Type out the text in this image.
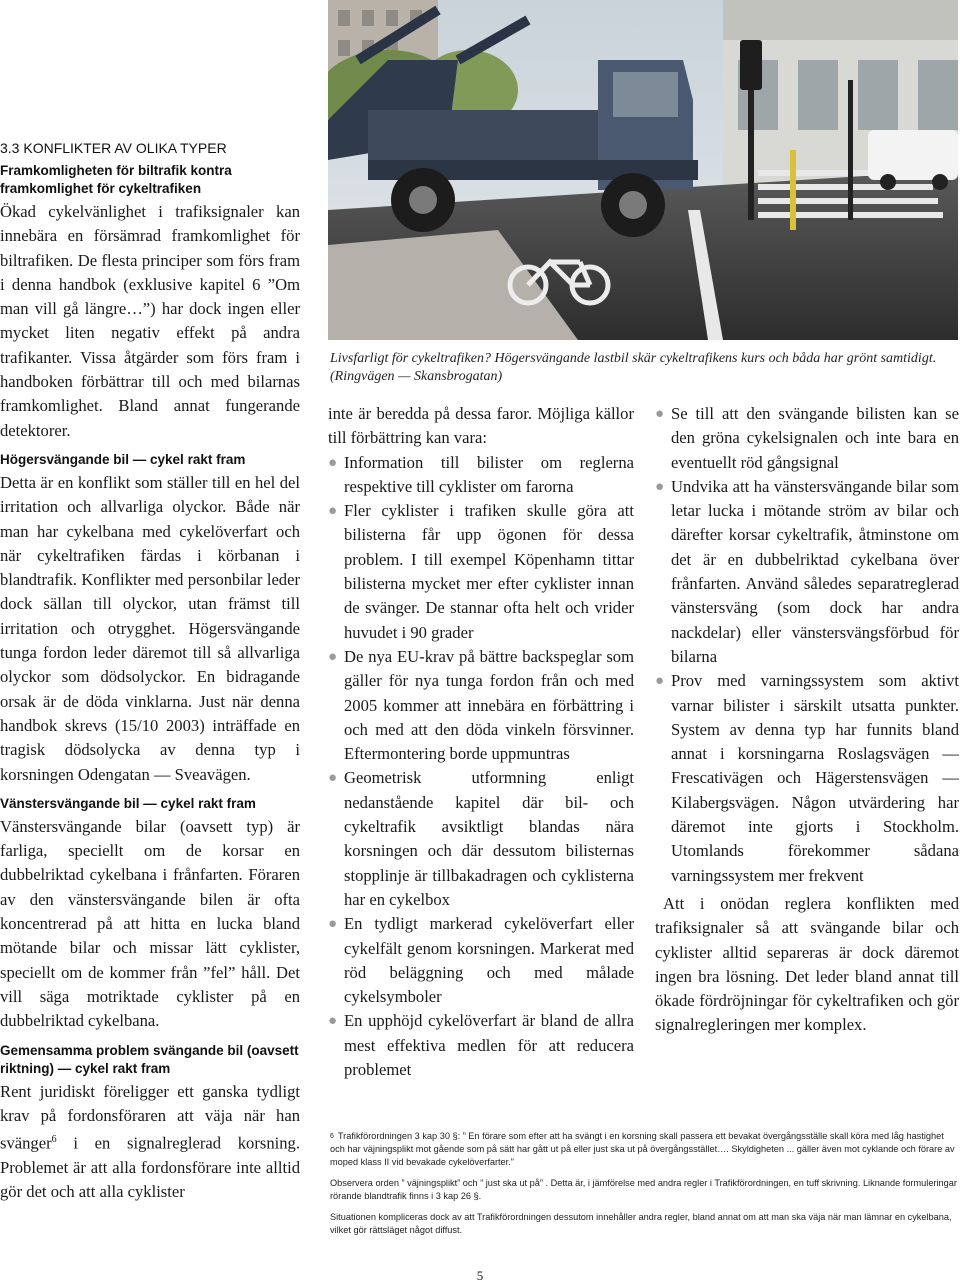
Livsfarligt för cykeltrafiken? Högersvängande lastbil skär cykeltrafikens kurs och båda har grönt samtidigt. (Ringvägen — Skansbrogatan)
3.3 KONFLIKTER AV OLIKA TYPER
Framkomligheten för biltrafik kontra framkomlighet för cykeltrafiken

Ökad cykelvänlighet i trafiksignaler kan innebära en försämrad framkomlighet för biltrafiken. De flesta principer som förs fram i denna handbok (exklusive kapitel 6 ”Om man vill gå längre…”) har dock ingen eller mycket liten negativ effekt på andra trafikanter. Vissa åtgärder som förs fram i handboken förbättrar till och med bilarnas framkomlighet. Bland annat fungerande detektorer.

Högersvängande bil — cykel rakt fram

Detta är en konflikt som ställer till en hel del irritation och allvarliga olyckor. Både när man har cykelbana med cykelöverfart och när cykeltrafiken färdas i körbanan i blandtrafik. Konflikter med personbilar leder dock sällan till olyckor, utan främst till irritation och otrygghet. Högersvängande tunga fordon leder däremot till så allvarliga olyckor som dödsolyckor. En bidragande orsak är de döda vinklarna. Just när denna handbok skrevs (15/10 2003) inträffade en tragisk dödsolycka av denna typ i korsningen Odengatan — Sveavägen.

Vänstersvängande bil — cykel rakt fram

Vänstersvängande bilar (oavsett typ) är farliga, speciellt om de korsar en dubbelriktad cykelbana i frånfarten. Föraren av den vänstersvängande bilen är ofta koncentrerad på att hitta en lucka bland mötande bilar och missar lätt cyklister, speciellt om de kommer från ”fel” håll. Det vill säga motriktade cyklister på en dubbelriktad cykelbana.

Gemensamma problem svängande bil (oavsett riktning) — cykel rakt fram

Rent juridiskt föreligger ett ganska tydligt krav på fordonsföraren att väja när han svänger$^6$ i en signalreglerad korsning. Problemet är att alla fordonsförare inte alltid gör det och att alla cyklister

inte är beredda på dessa faror. Möjliga källor till förbättring kan vara:

● Information till bilister om reglerna respektive till cyklister om farorna
● Fler cyklister i trafiken skulle göra att bilisterna får upp ögonen för dessa problem. I till exempel Köpenhamn tittar bilisterna mycket mer efter cyklister innan de svänger. De stannar ofta helt och vrider huvudet i 90 grader
● De nya EU-krav på bättre backspeglar som gäller för nya tunga fordon från och med 2005 kommer att innebära en förbättring i och med att den döda vinkeln försvinner. Eftermontering borde uppmuntras
● Geometrisk utformning enligt nedanstående kapitel där bil- och cykeltrafik avsiktligt blandas nära korsningen och där dessutom bilisternas stopplinje är tillbakadragen och cyklisterna har en cykelbox
● En tydligt markerad cykelöverfart eller cykelfält genom korsningen. Markerat med röd beläggning och med målade cykelsymboler
● En upphöjd cykelöverfart är bland de allra mest effektiva medlen för att reducera problemet
● Se till att den svängande bilisten kan se den gröna cykelsignalen och inte bara en eventuellt röd gångsignal
● Undvika att ha vänstersvängande bilar som letar lucka i mötande ström av bilar och därefter korsar cykeltrafik, åtminstone om det är en dubbelriktad cykelbana över frånfarten. Använd således separatreglerad vänstersväng (som dock har andra nackdelar) eller vänstersvängsförbud för bilarna
● Prov med varningssystem som aktivt varnar bilister i särskilt utsatta punkter. System av denna typ har funnits bland annat i korsningarna Roslagsvägen — Frescativägen och Hägerstensvägen — Kilabergsvägen. Någon utvärdering har däremot inte gjorts i Stockholm. Utomlands förekommer sådana varningssystem mer frekvent

Att i onödan reglera konflikten med trafiksignaler så att svängande bilar och cyklister alltid separeras är dock däremot ingen bra lösning. Det leder bland annat till ökade fördröjningar för cykeltrafiken och gör signalregleringen mer komplex.

$^6$ Trafikförordningen 3 kap 30 §: ” En förare som efter att ha svängt i en korsning skall passera ett bevakat övergångsställe skall köra med låg hastighet och har väjningsplikt mot gående som på sätt har gått ut på eller just ska ut på övergångsstället…. Skyldigheten ... gäller även mot cyklande och förare av moped klass II vid bevakade cykelöverfarter.”

Observera orden ” väjningsplikt” och ” just ska ut på” . Detta är, i jämförelse med andra regler i Trafikförordningen, en tuff skrivning. Liknande formuleringar rörande blandtrafik finns i 3 kap 26 §.

Situationen kompliceras dock av att Trafikförordningen dessutom innehåller andra regler, bland annat om att man ska väja när man lämnar en cykelbana, vilket gör rättsläget något diffust.

5
